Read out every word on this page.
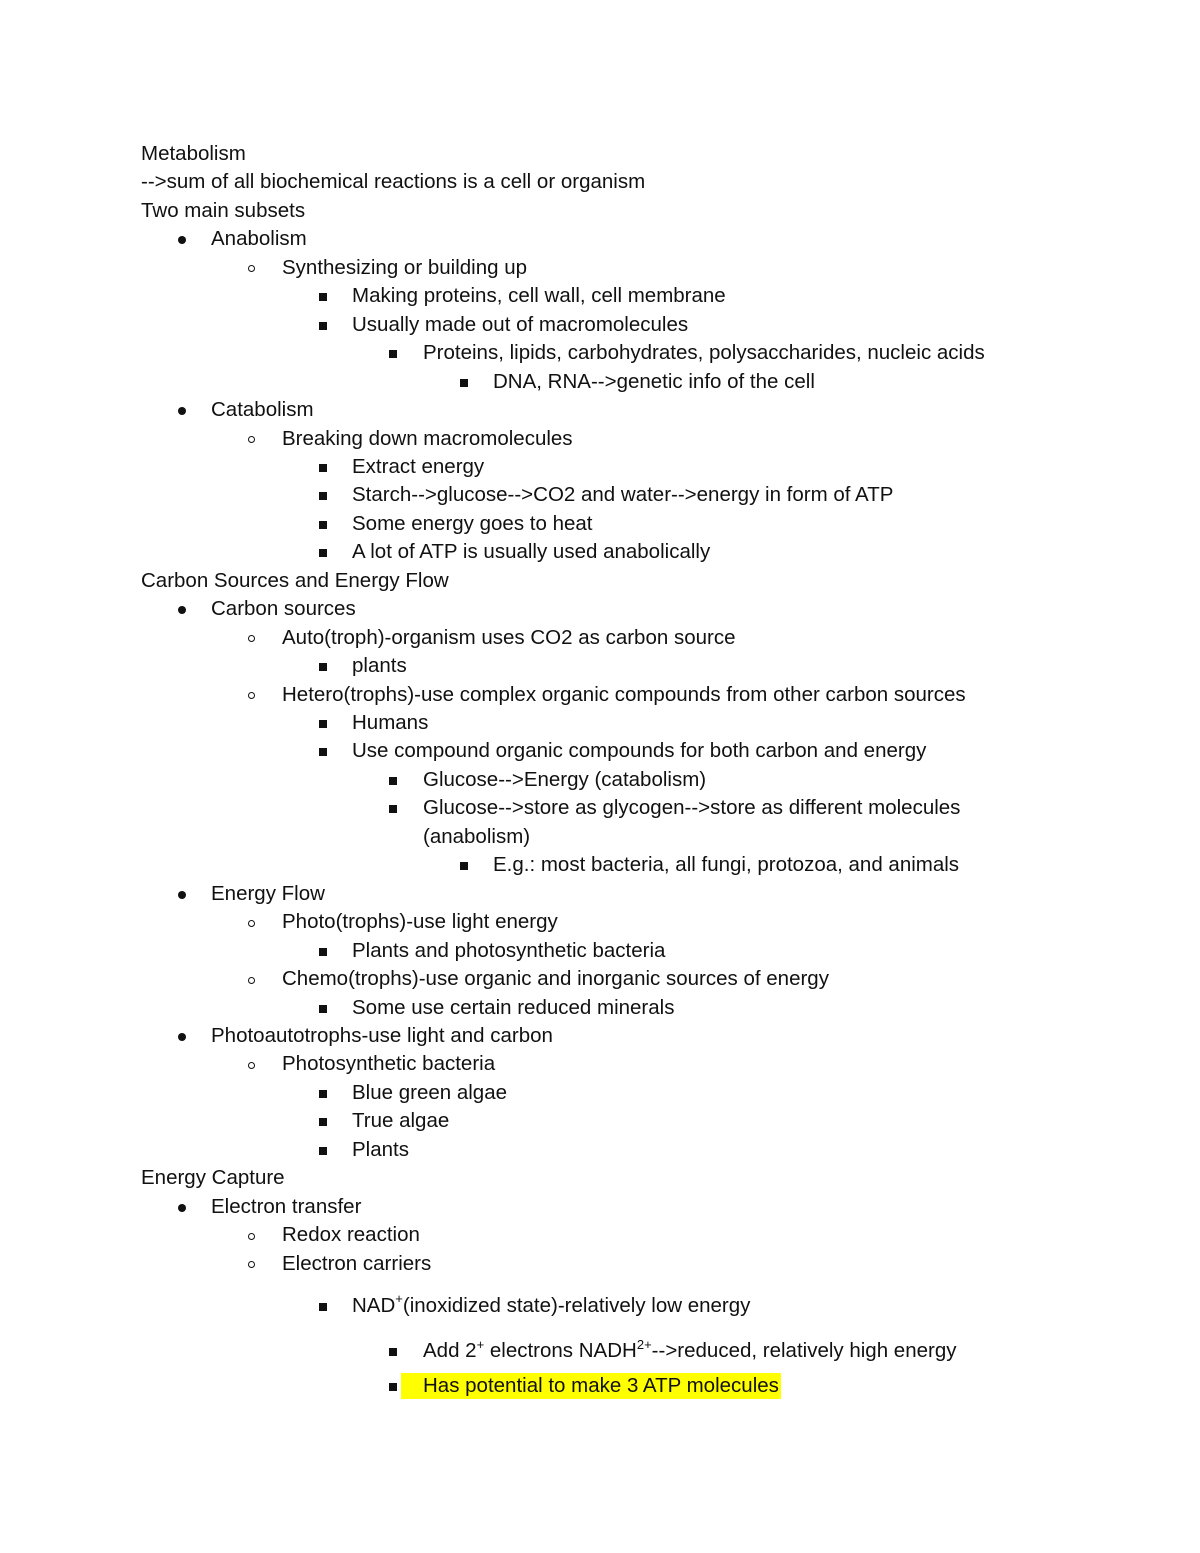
Metabolism
-->sum of all biochemical reactions is a cell or organism
Two main subsets
Anabolism
Synthesizing or building up
Making proteins, cell wall, cell membrane
Usually made out of macromolecules
Proteins, lipids, carbohydrates, polysaccharides, nucleic acids
DNA, RNA-->genetic info of the cell
Catabolism
Breaking down macromolecules
Extract energy
Starch-->glucose-->CO2 and water-->energy in form of ATP
Some energy goes to heat
A lot of ATP is usually used anabolically
Carbon Sources and Energy Flow
Carbon sources
Auto(troph)-organism uses CO2 as carbon source
plants
Hetero(trophs)-use complex organic compounds from other carbon sources
Humans
Use compound organic compounds for both carbon and energy
Glucose-->Energy (catabolism)
Glucose-->store as glycogen-->store as different molecules
(anabolism)
E.g.: most bacteria, all fungi, protozoa, and animals
Energy Flow
Photo(trophs)-use light energy
Plants and photosynthetic bacteria
Chemo(trophs)-use organic and inorganic sources of energy
Some use certain reduced minerals
Photoautotrophs-use light and carbon
Photosynthetic bacteria
Blue green algae
True algae
Plants
Energy Capture
Electron transfer
Redox reaction
Electron carriers
NAD+(inoxidized state)-relatively low energy
Add 2+ electrons $NADH^{2+}-->reduced$, relatively high energy
Has potential to make 3 ATP molecules
